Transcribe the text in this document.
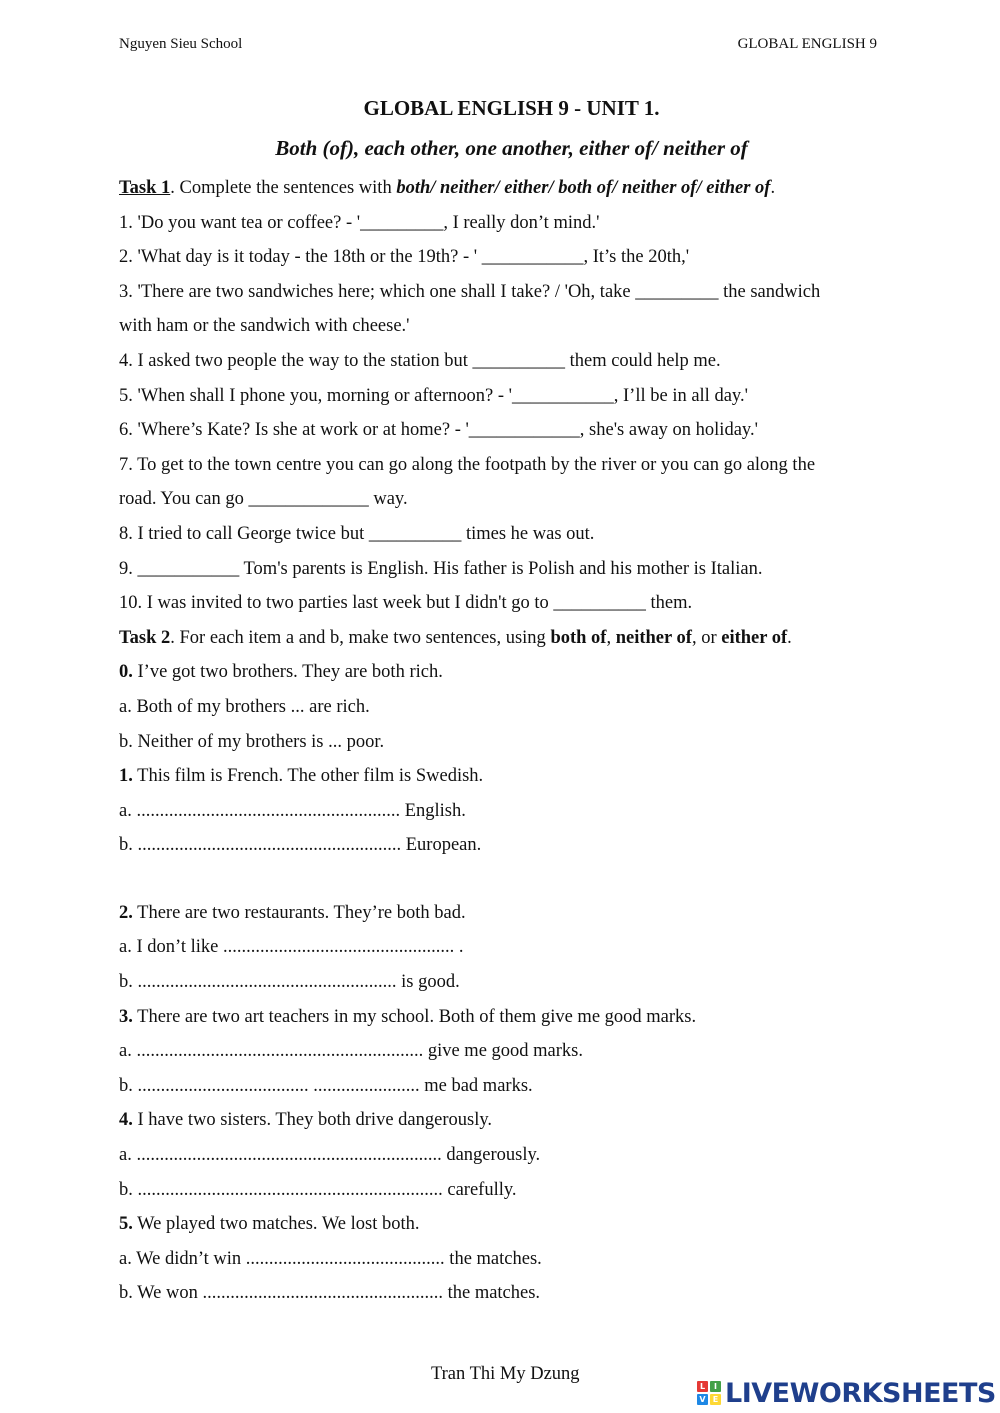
Nguyen Sieu School	GLOBAL ENGLISH 9
GLOBAL ENGLISH 9 - UNIT 1.
Both (of), each other, one another, either of/ neither of
Task 1. Complete the sentences with both/ neither/ either/ both of/ neither of/ either of.
1. 'Do you want tea or coffee? - '_________, I really don’t mind.'
2. 'What day is it today - the 18th or the 19th? - ' ___________, It’s the 20th,'
3. 'There are two sandwiches here; which one shall I take? / 'Oh, take _________ the sandwich
with ham or the sandwich with cheese.'
4. I asked two people the way to the station but __________ them could help me.
5. 'When shall I phone you, morning or afternoon? - '___________, I’ll be in all day.'
6. 'Where’s Kate? Is she at work or at home? - '____________, she's away on holiday.'
7. To get to the town centre you can go along the footpath by the river or you can go along the
road. You can go _____________ way.
8. I tried to call George twice but __________ times he was out.
9. ___________ Tom's parents is English. His father is Polish and his mother is Italian.
10. I was invited to two parties last week but I didn't go to __________ them.
Task 2. For each item a and b, make two sentences, using both of, neither of, or either of.
0. I’ve got two brothers. They are both rich.
a. Both of my brothers ... are rich.
b. Neither of my brothers is ... poor.
1. This film is French. The other film is Swedish.
a. ......................................................... English.
b. ......................................................... European.
2. There are two restaurants. They’re both bad.
a. I don’t like .................................................. .
b. ........................................................ is good.
3. There are two art teachers in my school. Both of them give me good marks.
a. .............................................................. give me good marks.
b. ..................................... ....................... me bad marks.
4. I have two sisters. They both drive dangerously.
a. .................................................................. dangerously.
b. .................................................................. carefully.
5. We played two matches. We lost both.
a. We didn’t win ........................................... the matches.
b. We won .................................................... the matches.
Tran Thi My Dzung
L	I
V E LIVEWORKSHEETS
